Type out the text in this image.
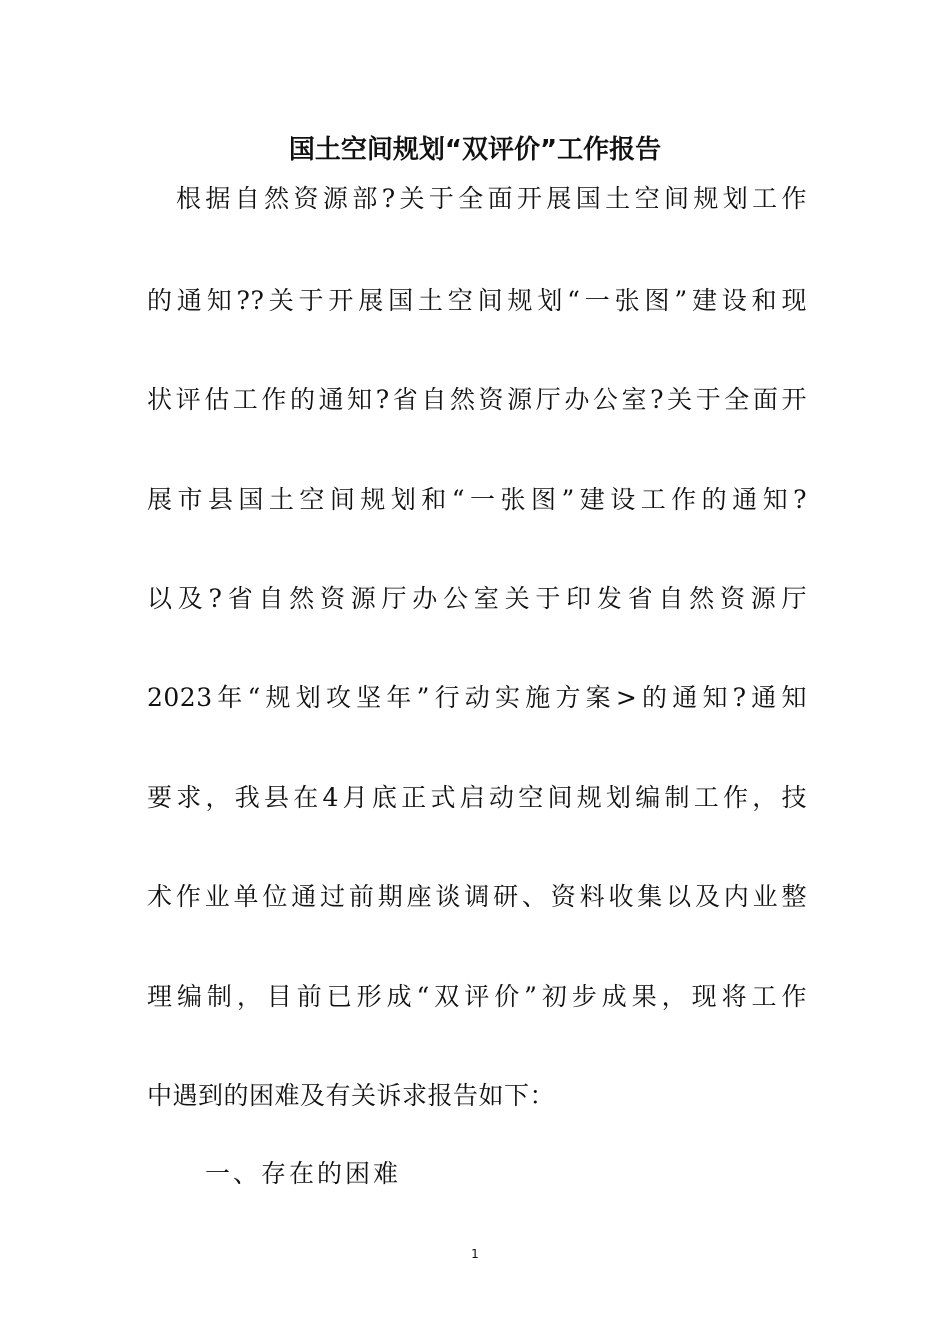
国土空间规划“双评价”工作报告
根据自然资源部?关于全面开展国土空间规划工作
的通知??关于开展国土空间规划“一张图”建设和现
状评估工作的通知?省自然资源厅办公室?关于全面开
展市县国土空间规划和“一张图”建设工作的通知?
以及?省自然资源厅办公室关于印发省自然资源厅
2023年“规划攻坚年”行动实施方案>的通知?通知
要求，我县在4月底正式启动空间规划编制工作，技
术作业单位通过前期座谈调研、资料收集以及内业整
理编制，目前已形成“双评价”初步成果，现将工作
中遇到的困难及有关诉求报告如下：
一、存在的困难
1
